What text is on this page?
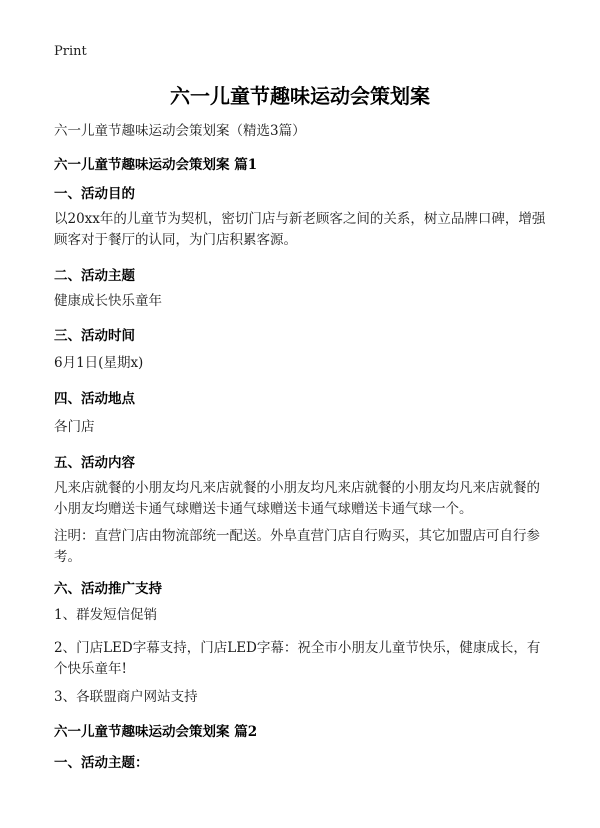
Print
六一儿童节趣味运动会策划案
六一儿童节趣味运动会策划案（精选3篇）
六一儿童节趣味运动会策划案 篇1
一、活动目的
以20xx年的儿童节为契机，密切门店与新老顾客之间的关系，树立品牌口碑，增强顾客对于餐厅的认同，为门店积累客源。
二、活动主题
健康成长快乐童年
三、活动时间
6月1日(星期x)
四、活动地点
各门店
五、活动内容
凡来店就餐的小朋友均凡来店就餐的小朋友均凡来店就餐的小朋友均凡来店就餐的小朋友均赠送卡通气球赠送卡通气球赠送卡通气球赠送卡通气球一个。
注明：直营门店由物流部统一配送。外阜直营门店自行购买，其它加盟店可自行参考。
六、活动推广支持
1、群发短信促销
2、门店LED字幕支持，门店LED字幕：祝全市小朋友儿童节快乐，健康成长，有个快乐童年!
3、各联盟商户网站支持
六一儿童节趣味运动会策划案 篇2
一、活动主题：
